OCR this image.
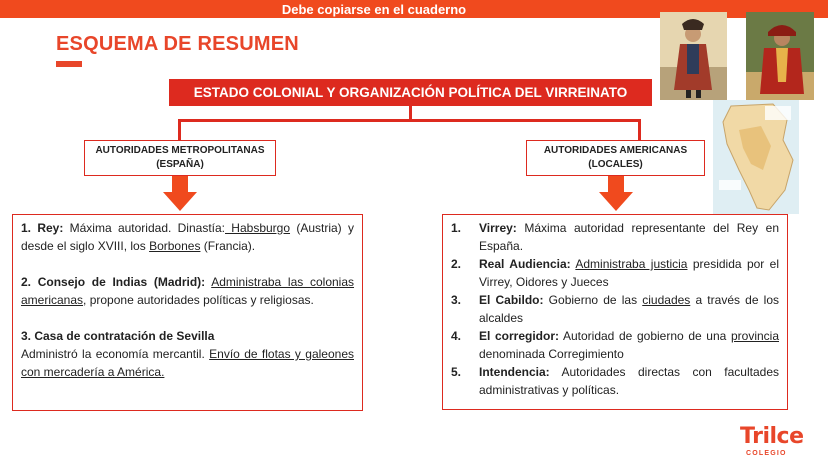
Debe copiarse en el cuaderno
ESQUEMA DE RESUMEN
ESTADO COLONIAL Y ORGANIZACIÓN POLÍTICA DEL VIRREINATO
AUTORIDADES METROPOLITANAS
(ESPAÑA)
AUTORIDADES AMERICANAS
(LOCALES)

1. Rey: Máxima autoridad. Dinastía: Habsburgo (Austria) y desde el siglo XVIII, los Borbones (Francia).

2. Consejo de Indias (Madrid): Administraba las colonias americanas, propone autoridades políticas y religiosas.

3. Casa de contratación de Sevilla
Administró la economía mercantil. Envío de flotas y galeones con mercadería a América.

1.	Virrey: Máxima autoridad representante del Rey en España.
2.	Real Audiencia: Administraba justicia presidida por el Virrey, Oidores y Jueces
3.	El Cabildo: Gobierno de las ciudades a través de los alcaldes
4.	El corregidor: Autoridad de gobierno de una provincia denominada Corregimiento
5.	Intendencia: Autoridades directas con facultades administrativas y políticas.
Trilce
COLEGIO
